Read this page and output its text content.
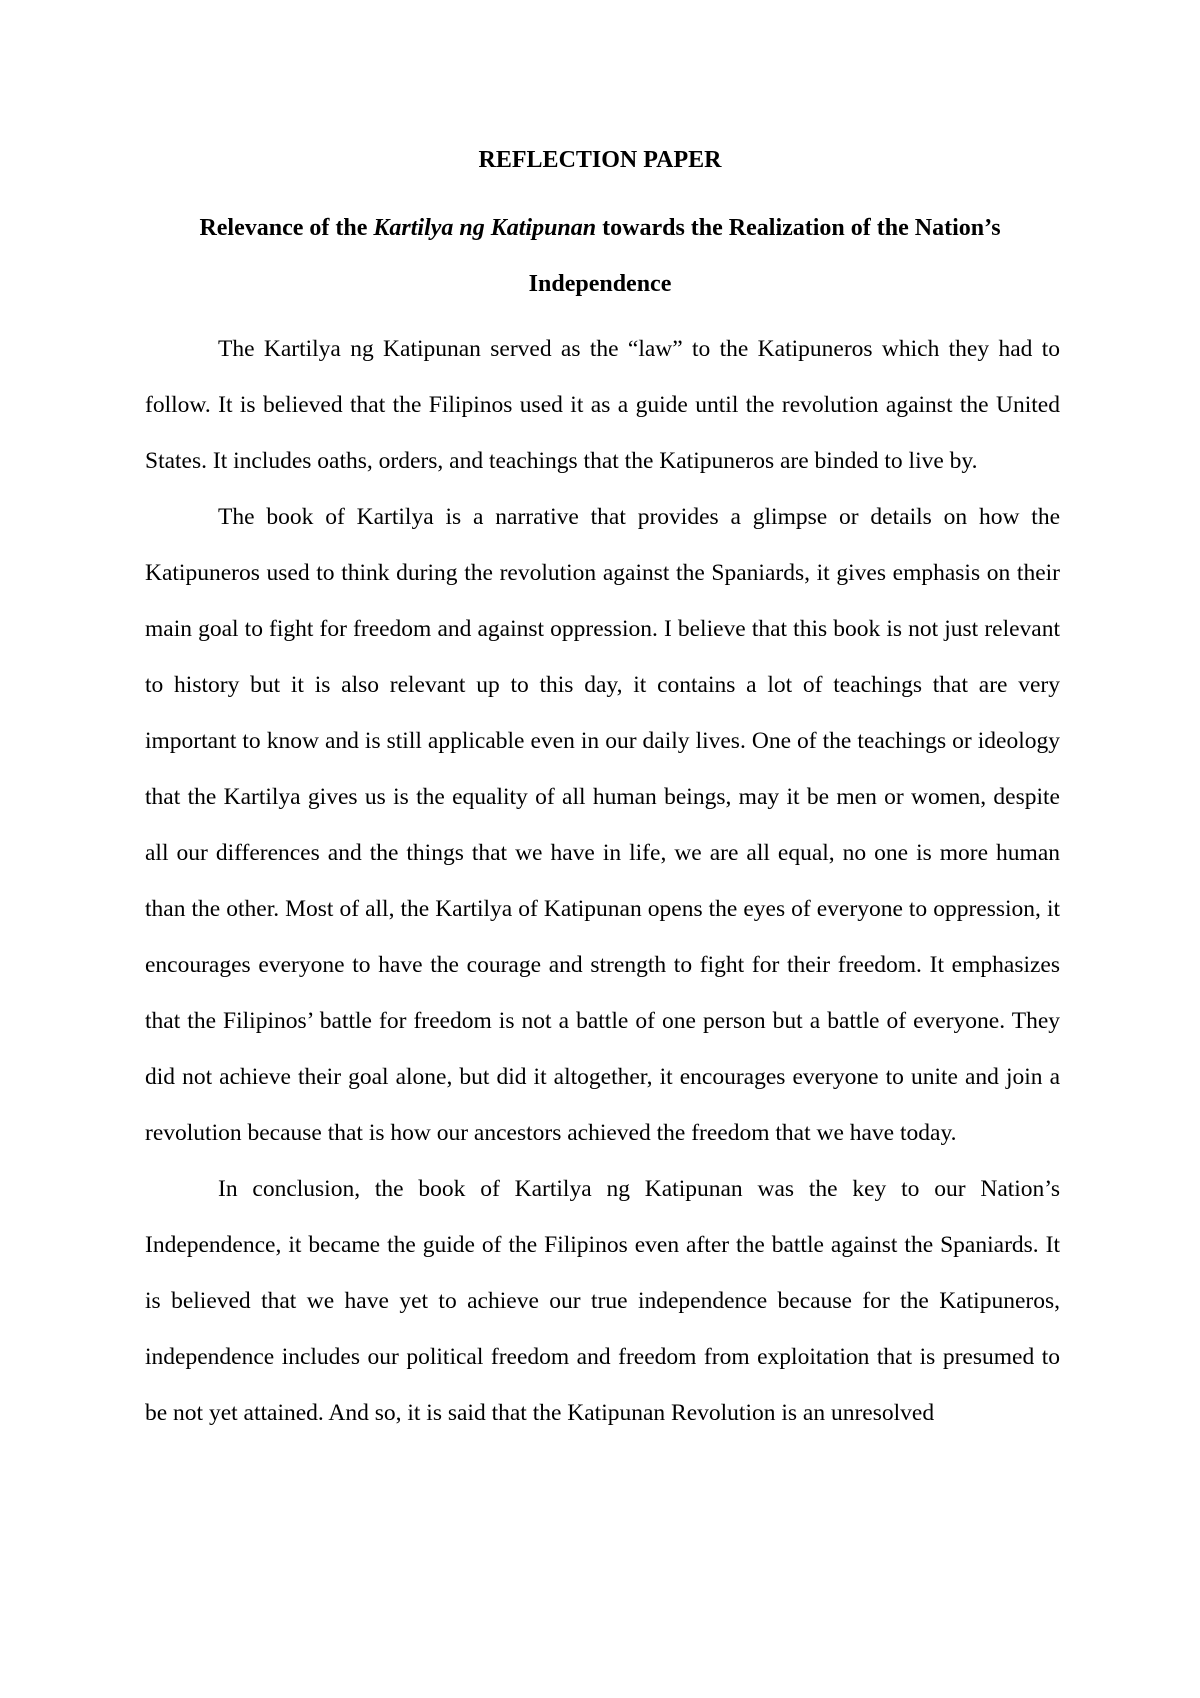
REFLECTION PAPER
Relevance of the Kartilya ng Katipunan towards the Realization of the Nation’s Independence

The Kartilya ng Katipunan served as the “law” to the Katipuneros which they had to follow. It is believed that the Filipinos used it as a guide until the revolution against the United States. It includes oaths, orders, and teachings that the Katipuneros are binded to live by.

The book of Kartilya is a narrative that provides a glimpse or details on how the Katipuneros used to think during the revolution against the Spaniards, it gives emphasis on their main goal to fight for freedom and against oppression. I believe that this book is not just relevant to history but it is also relevant up to this day, it contains a lot of teachings that are very important to know and is still applicable even in our daily lives. One of the teachings or ideology that the Kartilya gives us is the equality of all human beings, may it be men or women, despite all our differences and the things that we have in life, we are all equal, no one is more human than the other. Most of all, the Kartilya of Katipunan opens the eyes of everyone to oppression, it encourages everyone to have the courage and strength to fight for their freedom. It emphasizes that the Filipinos’ battle for freedom is not a battle of one person but a battle of everyone. They did not achieve their goal alone, but did it altogether, it encourages everyone to unite and join a revolution because that is how our ancestors achieved the freedom that we have today.

In conclusion, the book of Kartilya ng Katipunan was the key to our Nation’s Independence, it became the guide of the Filipinos even after the battle against the Spaniards. It is believed that we have yet to achieve our true independence because for the Katipuneros, independence includes our political freedom and freedom from exploitation that is presumed to be not yet attained. And so, it is said that the Katipunan Revolution is an unresolved
